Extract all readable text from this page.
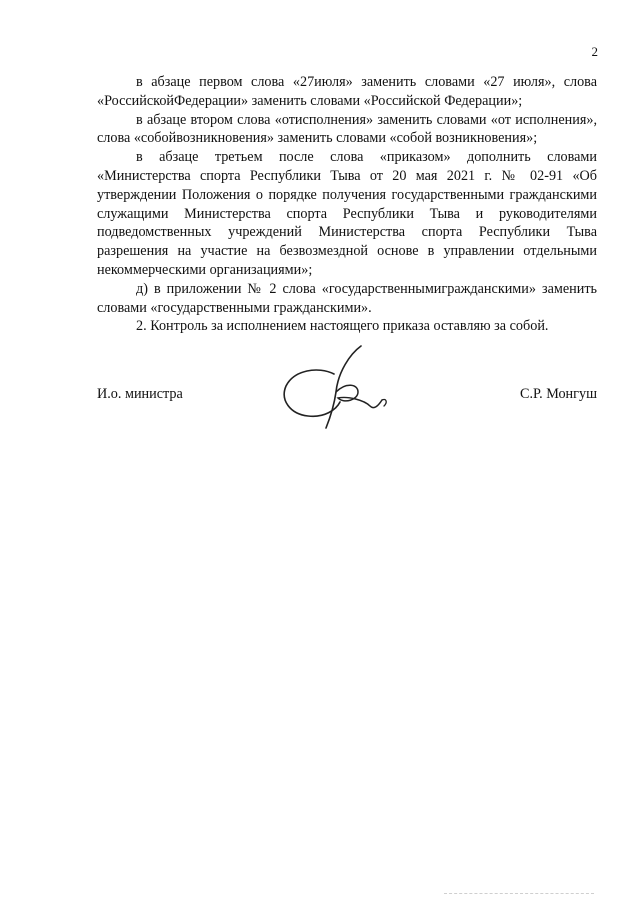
2

в абзаце первом слова «27июля» заменить словами «27 июля», слова «РоссийскойФедерации» заменить словами «Российской Федерации»;

в абзаце втором слова «отисполнения» заменить словами «от исполнения», слова «собойвозникновения» заменить словами «собой возникновения»;

в абзаце третьем после слова «приказом» дополнить словами «Министерства спорта Республики Тыва от 20 мая 2021 г. № 02-91 «Об утверждении Положения о порядке получения государственными гражданскими служащими Министерства спорта Республики Тыва и руководителями подведомственных учреждений Министерства спорта Республики Тыва разрешения на участие на безвозмездной основе в управлении отдельными некоммерческими организациями»;

д) в приложении № 2 слова «государственнымигражданскими» заменить словами «государственными гражданскими».

2. Контроль за исполнением настоящего приказа оставляю за собой.

И.о. министра	С.Р. Монгуш
